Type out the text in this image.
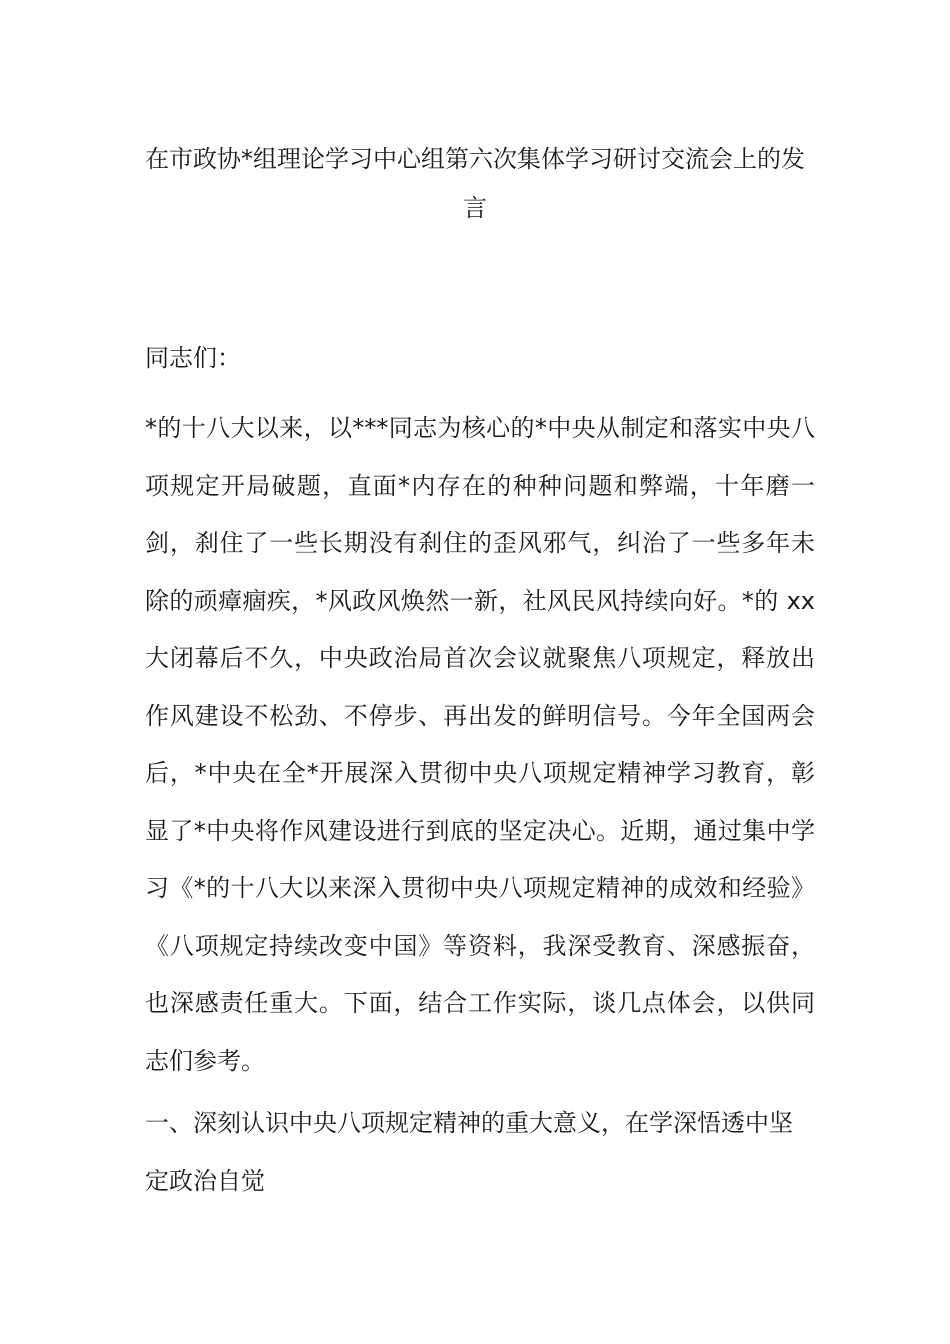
在市政协*组理论学习中心组第六次集体学习研讨交流会上的发
言

同志们：

*的十八大以来，以***同志为核心的*中央从制定和落实中央八项规定开局破题，直面*内存在的种种问题和弊端，十年磨一剑，刹住了一些长期没有刹住的歪风邪气，纠治了一些多年未除的顽瘴痼疾，*风政风焕然一新，社风民风持续向好。*的 xx 大闭幕后不久，中央政治局首次会议就聚焦八项规定，释放出作风建设不松劲、不停步、再出发的鲜明信号。今年全国两会后，*中央在全*开展深入贯彻中央八项规定精神学习教育，彰显了*中央将作风建设进行到底的坚定决心。近期，通过集中学习《*的十八大以来深入贯彻中央八项规定精神的成效和经验》《八项规定持续改变中国》等资料，我深受教育、深感振奋，也深感责任重大。下面，结合工作实际，谈几点体会，以供同志们参考。

一、深刻认识中央八项规定精神的重大意义，在学深悟透中坚定政治自觉
